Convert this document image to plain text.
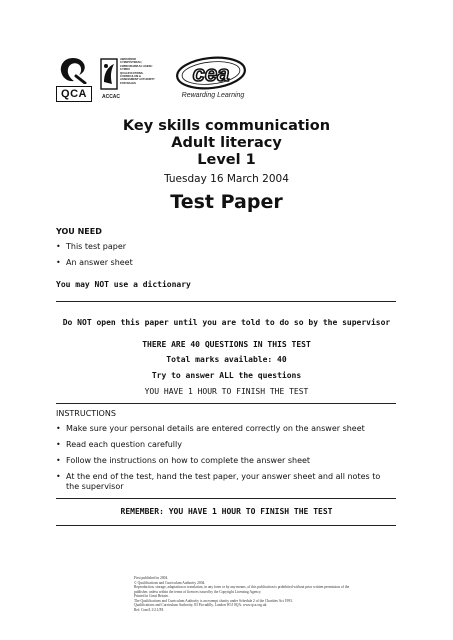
QCA
AWDURDOD
CYMWYSTERAU,
CWRICWLWM AC ASESU
CYMRU
QUALIFICATIONS,
CURRICULUM &
ASSESSMENT AUTHORITY
FOR WALES
ACCAC
cea
Rewarding Learning
Key skills communication
Adult literacy
Level 1
Tuesday 16 March 2004
Test Paper
YOU NEED
• This test paper
• An answer sheet
You may NOT use a dictionary
Do NOT open this paper until you are told to do so by the supervisor
THERE ARE 40 QUESTIONS IN THIS TEST
Total marks available: 40
Try to answer ALL the questions
YOU HAVE 1 HOUR TO FINISH THE TEST
INSTRUCTIONS
• Make sure your personal details are entered correctly on the answer sheet
• Read each question carefully
• Follow the instructions on how to complete the answer sheet
• At the end of the test, hand the test paper, your answer sheet and all notes to the supervisor
REMEMBER: YOU HAVE 1 HOUR TO FINISH THE TEST
First published in 2004.
© Qualifications and Curriculum Authority 2004.
Reproduction, storage, adaptation or translation, in any form or by any means, of this publication is prohibited without prior written permission of the
publisher, unless within the terms of licences issued by the Copyright Licensing Agency.
Printed in Great Britain.
The Qualifications and Curriculum Authority is an exempt charity under Schedule 2 of the Charities Act 1993.
Qualifications and Curriculum Authority, 83 Piccadilly, London W1J 8QA. www.qca.org.uk
Ref: Com/L1/2.1/P4
